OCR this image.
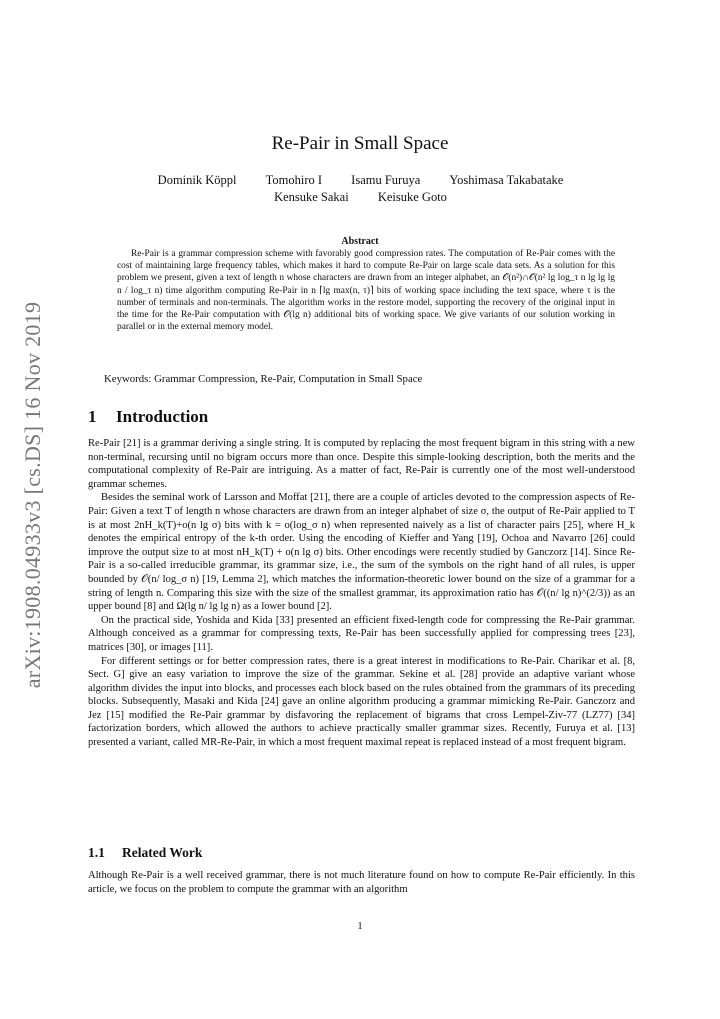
arXiv:1908.04933v3 [cs.DS] 16 Nov 2019
Re-Pair in Small Space
Dominik Köppl Tomohiro I Isamu Furuya Yoshimasa Takabatake
Kensuke Sakai Keisuke Goto
Abstract
Re-Pair is a grammar compression scheme with favorably good compression rates. The computation of Re-Pair comes with the cost of maintaining large frequency tables, which makes it hard to compute Re-Pair on large scale data sets. As a solution for this problem we present, given a text of length n whose characters are drawn from an integer alphabet, an 𝒪(n²)∩𝒪(n² lg log_τ n lg lg lg n / log_τ n) time algorithm computing Re-Pair in n ⌈lg max(n, τ)⌉ bits of working space including the text space, where τ is the number of terminals and non-terminals. The algorithm works in the restore model, supporting the recovery of the original input in the time for the Re-Pair computation with 𝒪(lg n) additional bits of working space. We give variants of our solution working in parallel or in the external memory model.
Keywords: Grammar Compression, Re-Pair, Computation in Small Space
1 Introduction

Re-Pair [21] is a grammar deriving a single string. It is computed by replacing the most frequent bigram in this string with a new non-terminal, recursing until no bigram occurs more than once. Despite this simple-looking description, both the merits and the computational complexity of Re-Pair are intriguing. As a matter of fact, Re-Pair is currently one of the most well-understood grammar schemes.

Besides the seminal work of Larsson and Moffat [21], there are a couple of articles devoted to the compression aspects of Re-Pair: Given a text T of length n whose characters are drawn from an integer alphabet of size σ, the output of Re-Pair applied to T is at most 2nH_k(T)+o(n lg σ) bits with k = o(log_σ n) when represented naively as a list of character pairs [25], where H_k denotes the empirical entropy of the k-th order. Using the encoding of Kieffer and Yang [19], Ochoa and Navarro [26] could improve the output size to at most nH_k(T) + o(n lg σ) bits. Other encodings were recently studied by Ganczorz [14]. Since Re-Pair is a so-called irreducible grammar, its grammar size, i.e., the sum of the symbols on the right hand of all rules, is upper bounded by 𝒪(n/ log_σ n) [19, Lemma 2], which matches the information-theoretic lower bound on the size of a grammar for a string of length n. Comparing this size with the size of the smallest grammar, its approximation ratio has 𝒪((n/ lg n)^(2/3)) as an upper bound [8] and Ω(lg n/ lg lg n) as a lower bound [2].

On the practical side, Yoshida and Kida [33] presented an efficient fixed-length code for compressing the Re-Pair grammar. Although conceived as a grammar for compressing texts, Re-Pair has been successfully applied for compressing trees [23], matrices [30], or images [11].

For different settings or for better compression rates, there is a great interest in modifications to Re-Pair. Charikar et al. [8, Sect. G] give an easy variation to improve the size of the grammar. Sekine et al. [28] provide an adaptive variant whose algorithm divides the input into blocks, and processes each block based on the rules obtained from the grammars of its preceding blocks. Subsequently, Masaki and Kida [24] gave an online algorithm producing a grammar mimicking Re-Pair. Ganczorz and Jez [15] modified the Re-Pair grammar by disfavoring the replacement of bigrams that cross Lempel-Ziv-77 (LZ77) [34] factorization borders, which allowed the authors to achieve practically smaller grammar sizes. Recently, Furuya et al. [13] presented a variant, called MR-Re-Pair, in which a most frequent maximal repeat is replaced instead of a most frequent bigram.

1.1 Related Work

Although Re-Pair is a well received grammar, there is not much literature found on how to compute Re-Pair efficiently. In this article, we focus on the problem to compute the grammar with an algorithm

1
